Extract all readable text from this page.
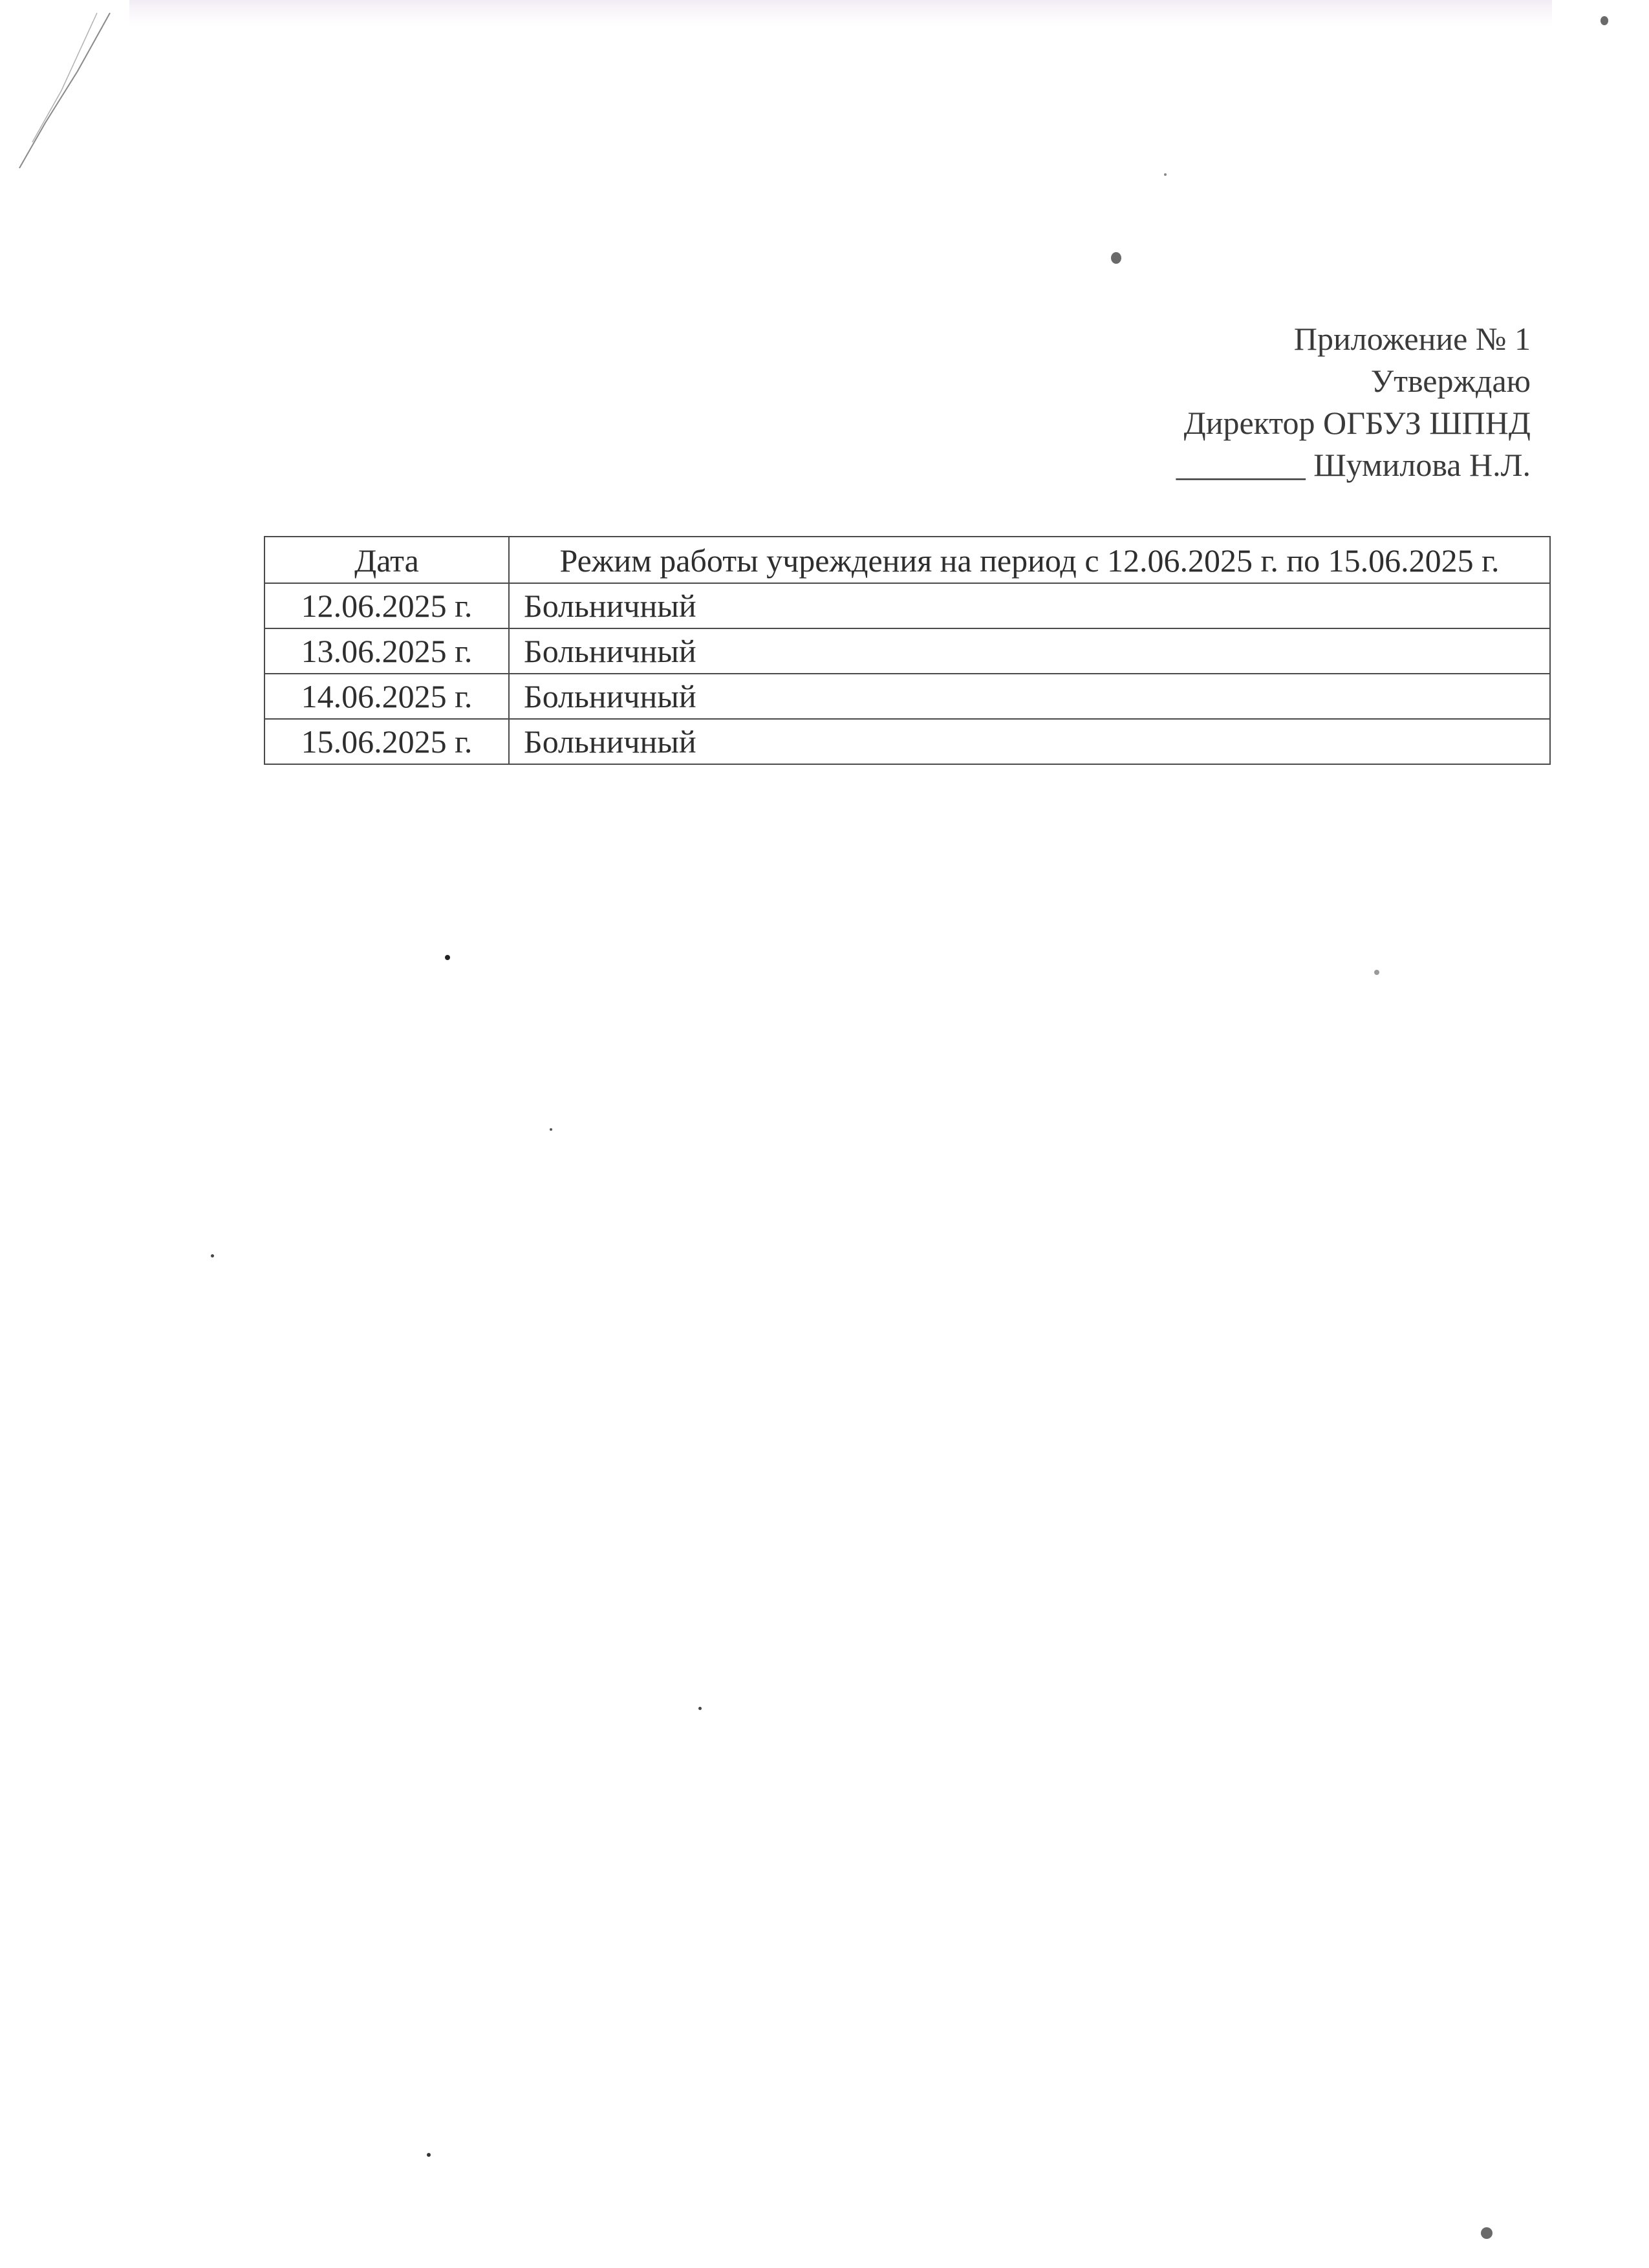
Приложение № 1
Утверждаю
Директор ОГБУЗ ШПНД
________ Шумилова Н.Л.
Дата	Режим работы учреждения на период с 12.06.2025 г. по 15.06.2025 г.
12.06.2025 г.	Больничный
13.06.2025 г.	Больничный
14.06.2025 г.	Больничный
15.06.2025 г.	Больничный
